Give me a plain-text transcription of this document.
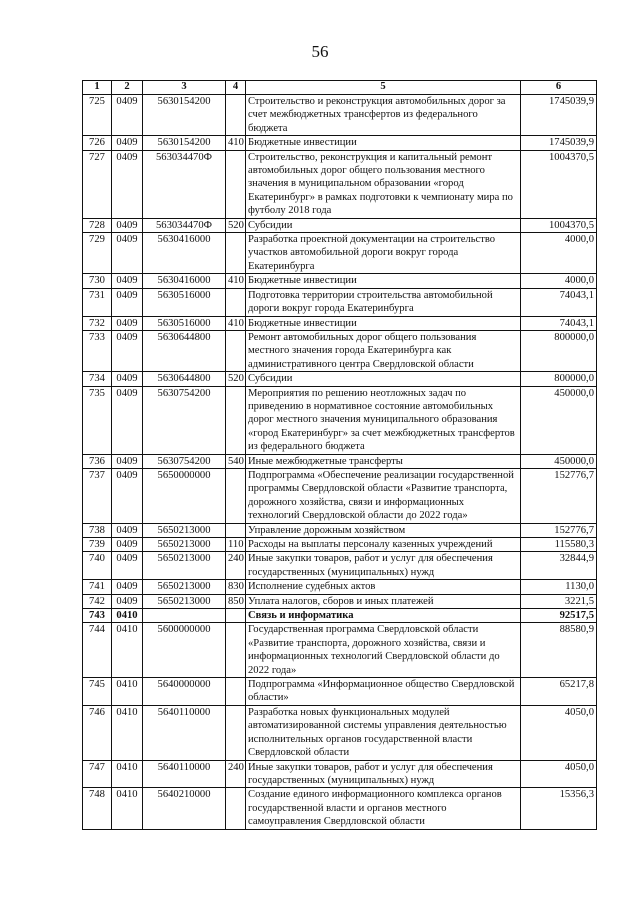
56
1	2	3	4	5	6
725	0409	5630154200		Строительство и реконструкция автомобильных дорог за счет межбюджетных трансфертов из федерального бюджета	1745039,9
726	0409	5630154200	410	Бюджетные инвестиции	1745039,9
727	0409	563034470Ф		Строительство, реконструкция и капитальный ремонт автомобильных дорог общего пользования местного значения в муниципальном образовании «город Екатеринбург» в рамках подготовки к чемпионату мира по футболу 2018 года	1004370,5
728	0409	563034470Ф	520	Субсидии	1004370,5
729	0409	5630416000		Разработка проектной документации на строительство участков автомобильной дороги вокруг города Екатеринбурга	4000,0
730	0409	5630416000	410	Бюджетные инвестиции	4000,0
731	0409	5630516000		Подготовка территории строительства автомобильной дороги вокруг города Екатеринбурга	74043,1
732	0409	5630516000	410	Бюджетные инвестиции	74043,1
733	0409	5630644800		Ремонт автомобильных дорог общего пользования местного значения города Екатеринбурга как административного центра Свердловской области	800000,0
734	0409	5630644800	520	Субсидии	800000,0
735	0409	5630754200		Мероприятия по решению неотложных задач по приведению в нормативное состояние автомобильных дорог местного значения муниципального образования «город Екатеринбург» за счет межбюджетных трансфертов из федерального бюджета	450000,0
736	0409	5630754200	540	Иные межбюджетные трансферты	450000,0
737	0409	5650000000		Подпрограмма «Обеспечение реализации государственной программы Свердловской области «Развитие транспорта, дорожного хозяйства, связи и информационных технологий Свердловской области до 2022 года»	152776,7
738	0409	5650213000		Управление дорожным хозяйством	152776,7
739	0409	5650213000	110	Расходы на выплаты персоналу казенных учреждений	115580,3
740	0409	5650213000	240	Иные закупки товаров, работ и услуг для обеспечения государственных (муниципальных) нужд	32844,9
741	0409	5650213000	830	Исполнение судебных актов	1130,0
742	0409	5650213000	850	Уплата налогов, сборов и иных платежей	3221,5
743	0410			Связь и информатика	92517,5
744	0410	5600000000		Государственная программа Свердловской области «Развитие транспорта, дорожного хозяйства, связи и информационных технологий Свердловской области до 2022 года»	88580,9
745	0410	5640000000		Подпрограмма «Информационное общество Свердловской области»	65217,8
746	0410	5640110000		Разработка новых функциональных модулей автоматизированной системы управления деятельностью исполнительных органов государственной власти Свердловской области	4050,0
747	0410	5640110000	240	Иные закупки товаров, работ и услуг для обеспечения государственных (муниципальных) нужд	4050,0
748	0410	5640210000		Создание единого информационного комплекса органов государственной власти и органов местного самоуправления Свердловской области	15356,3
